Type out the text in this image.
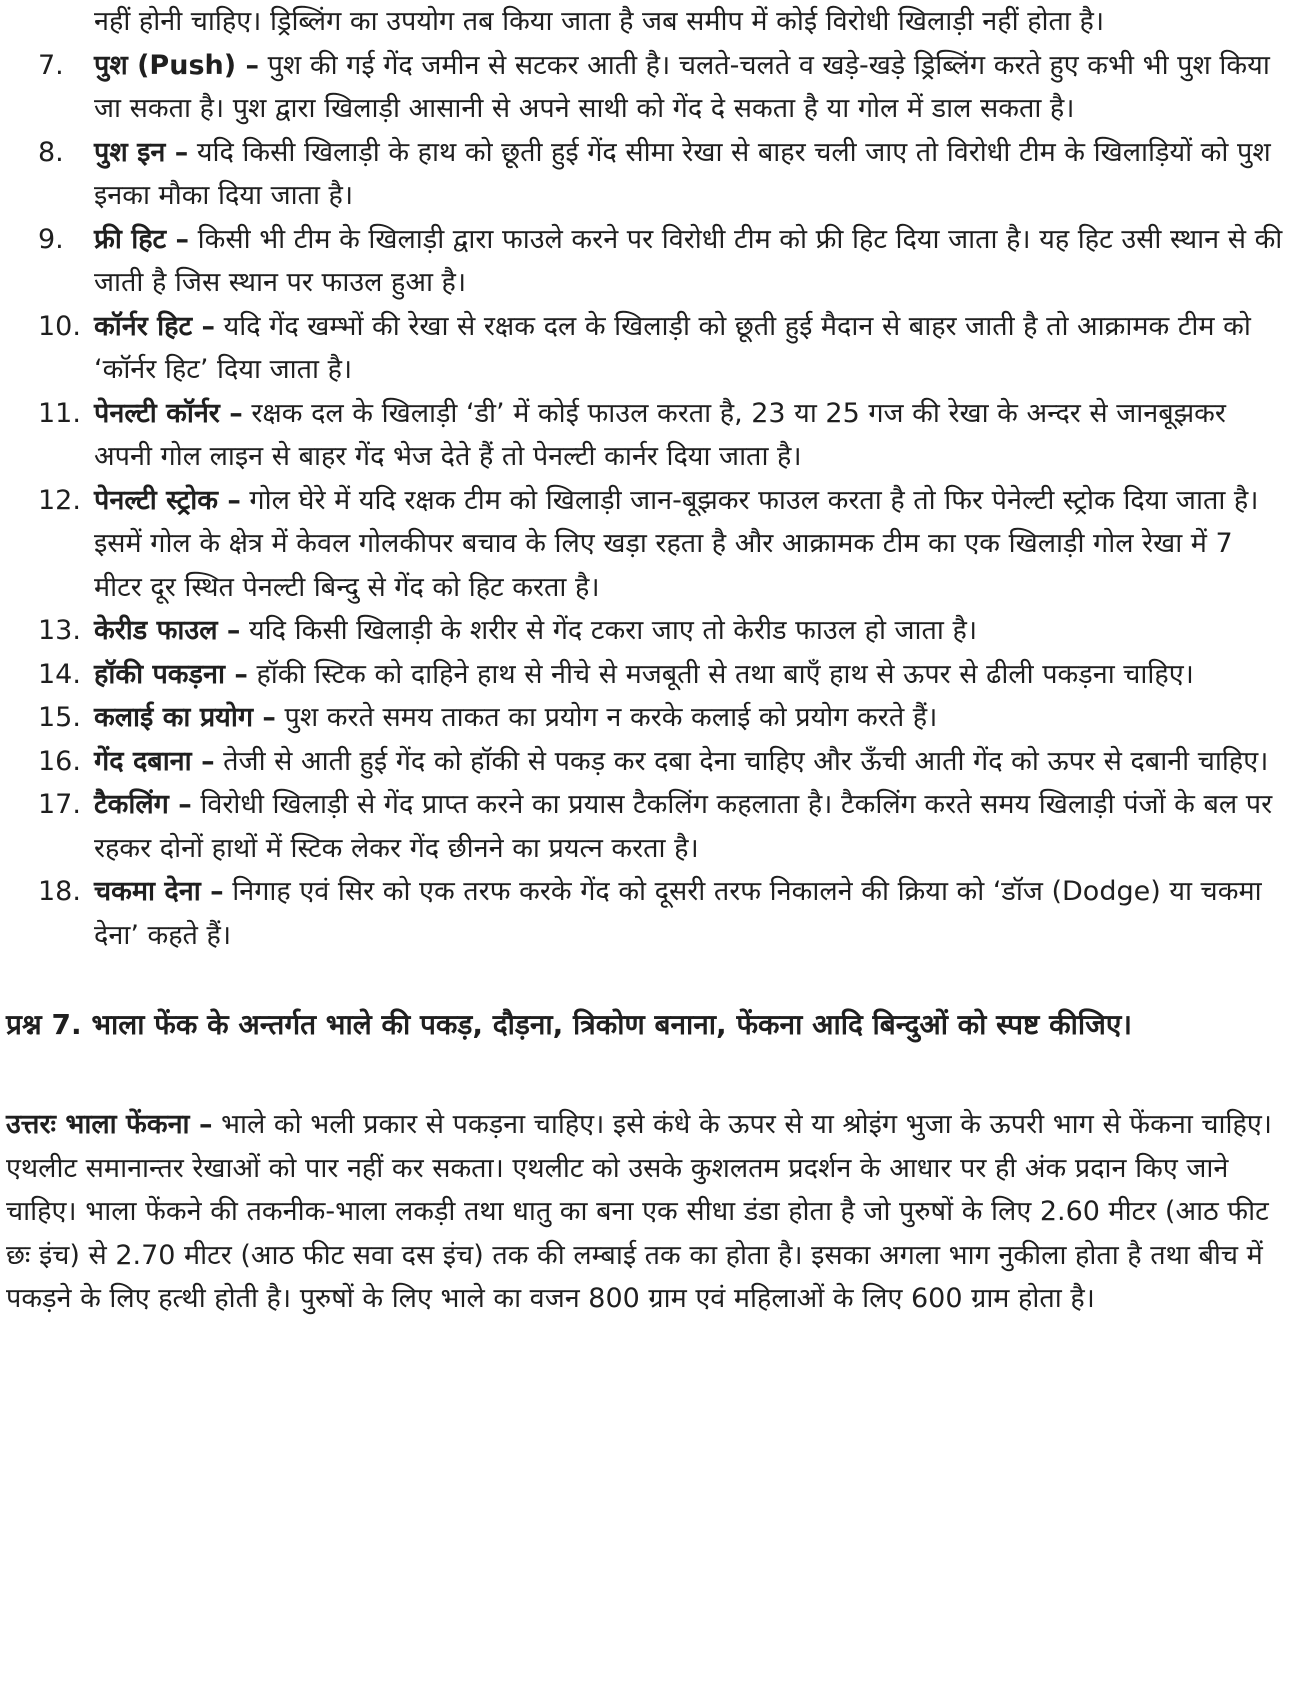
नहीं होनी चाहिए। ड्रिब्लिंग का उपयोग तब किया जाता है जब समीप में कोई विरोधी खिलाड़ी नहीं होता है।

7.	पुश (Push) – पुश की गई गेंद जमीन से सटकर आती है। चलते-चलते व खड़े-खड़े ड्रिब्लिंग करते हुए कभी भी पुश किया जा सकता है। पुश द्वारा खिलाड़ी आसानी से अपने साथी को गेंद दे सकता है या गोल में डाल सकता है।
8.	पुश इन – यदि किसी खिलाड़ी के हाथ को छूती हुई गेंद सीमा रेखा से बाहर चली जाए तो विरोधी टीम के खिलाड़ियों को पुश इनका मौका दिया जाता है।
9.	फ्री हिट – किसी भी टीम के खिलाड़ी द्वारा फाउले करने पर विरोधी टीम को फ्री हिट दिया जाता है। यह हिट उसी स्थान से की जाती है जिस स्थान पर फाउल हुआ है।
10. कॉर्नर हिट – यदि गेंद खम्भों की रेखा से रक्षक दल के खिलाड़ी को छूती हुई मैदान से बाहर जाती है तो आक्रामक टीम को ‘कॉर्नर हिट’ दिया जाता है।
11. पेनल्टी कॉर्नर – रक्षक दल के खिलाड़ी ‘डी’ में कोई फाउल करता है, 23 या 25 गज की रेखा के अन्दर से जानबूझकर अपनी गोल लाइन से बाहर गेंद भेज देते हैं तो पेनल्टी कार्नर दिया जाता है।
12. पेनल्टी स्ट्रोक – गोल घेरे में यदि रक्षक टीम को खिलाड़ी जान-बूझकर फाउल करता है तो फिर पेनेल्टी स्ट्रोक दिया जाता है। इसमें गोल के क्षेत्र में केवल गोलकीपर बचाव के लिए खड़ा रहता है और आक्रामक टीम का एक खिलाड़ी गोल रेखा में 7 मीटर दूर स्थित पेनल्टी बिन्दु से गेंद को हिट करता है।
13. केरीड फाउल – यदि किसी खिलाड़ी के शरीर से गेंद टकरा जाए तो केरीड फाउल हो जाता है।
14. हॉकी पकड़ना – हॉकी स्टिक को दाहिने हाथ से नीचे से मजबूती से तथा बाएँ हाथ से ऊपर से ढीली पकड़ना चाहिए।
15. कलाई का प्रयोग – पुश करते समय ताकत का प्रयोग न करके कलाई को प्रयोग करते हैं।
16. गेंद दबाना – तेजी से आती हुई गेंद को हॉकी से पकड़ कर दबा देना चाहिए और ऊँची आती गेंद को ऊपर से दबानी चाहिए।
17. टैकलिंग – विरोधी खिलाड़ी से गेंद प्राप्त करने का प्रयास टैकलिंग कहलाता है। टैकलिंग करते समय खिलाड़ी पंजों के बल पर रहकर दोनों हाथों में स्टिक लेकर गेंद छीनने का प्रयत्न करता है।
18. चकमा देना – निगाह एवं सिर को एक तरफ करके गेंद को दूसरी तरफ निकालने की क्रिया को ‘डॉज (Dodge) या चकमा देना’ कहते हैं।

प्रश्न 7. भाला फेंक के अन्तर्गत भाले की पकड़, दौड़ना, त्रिकोण बनाना, फेंकना आदि बिन्दुओं को स्पष्ट कीजिए।

उत्तरः भाला फेंकना – भाले को भली प्रकार से पकड़ना चाहिए। इसे कंधे के ऊपर से या श्रोइंग भुजा के ऊपरी भाग से फेंकना चाहिए। एथलीट समानान्तर रेखाओं को पार नहीं कर सकता। एथलीट को उसके कुशलतम प्रदर्शन के आधार पर ही अंक प्रदान किए जाने चाहिए। भाला फेंकने की तकनीक-भाला लकड़ी तथा धातु का बना एक सीधा डंडा होता है जो पुरुषों के लिए 2.60 मीटर (आठ फीट छः इंच) से 2.70 मीटर (आठ फीट सवा दस इंच) तक की लम्बाई तक का होता है। इसका अगला भाग नुकीला होता है तथा बीच में पकड़ने के लिए हत्थी होती है। पुरुषों के लिए भाले का वजन 800 ग्राम एवं महिलाओं के लिए 600 ग्राम होता है।
